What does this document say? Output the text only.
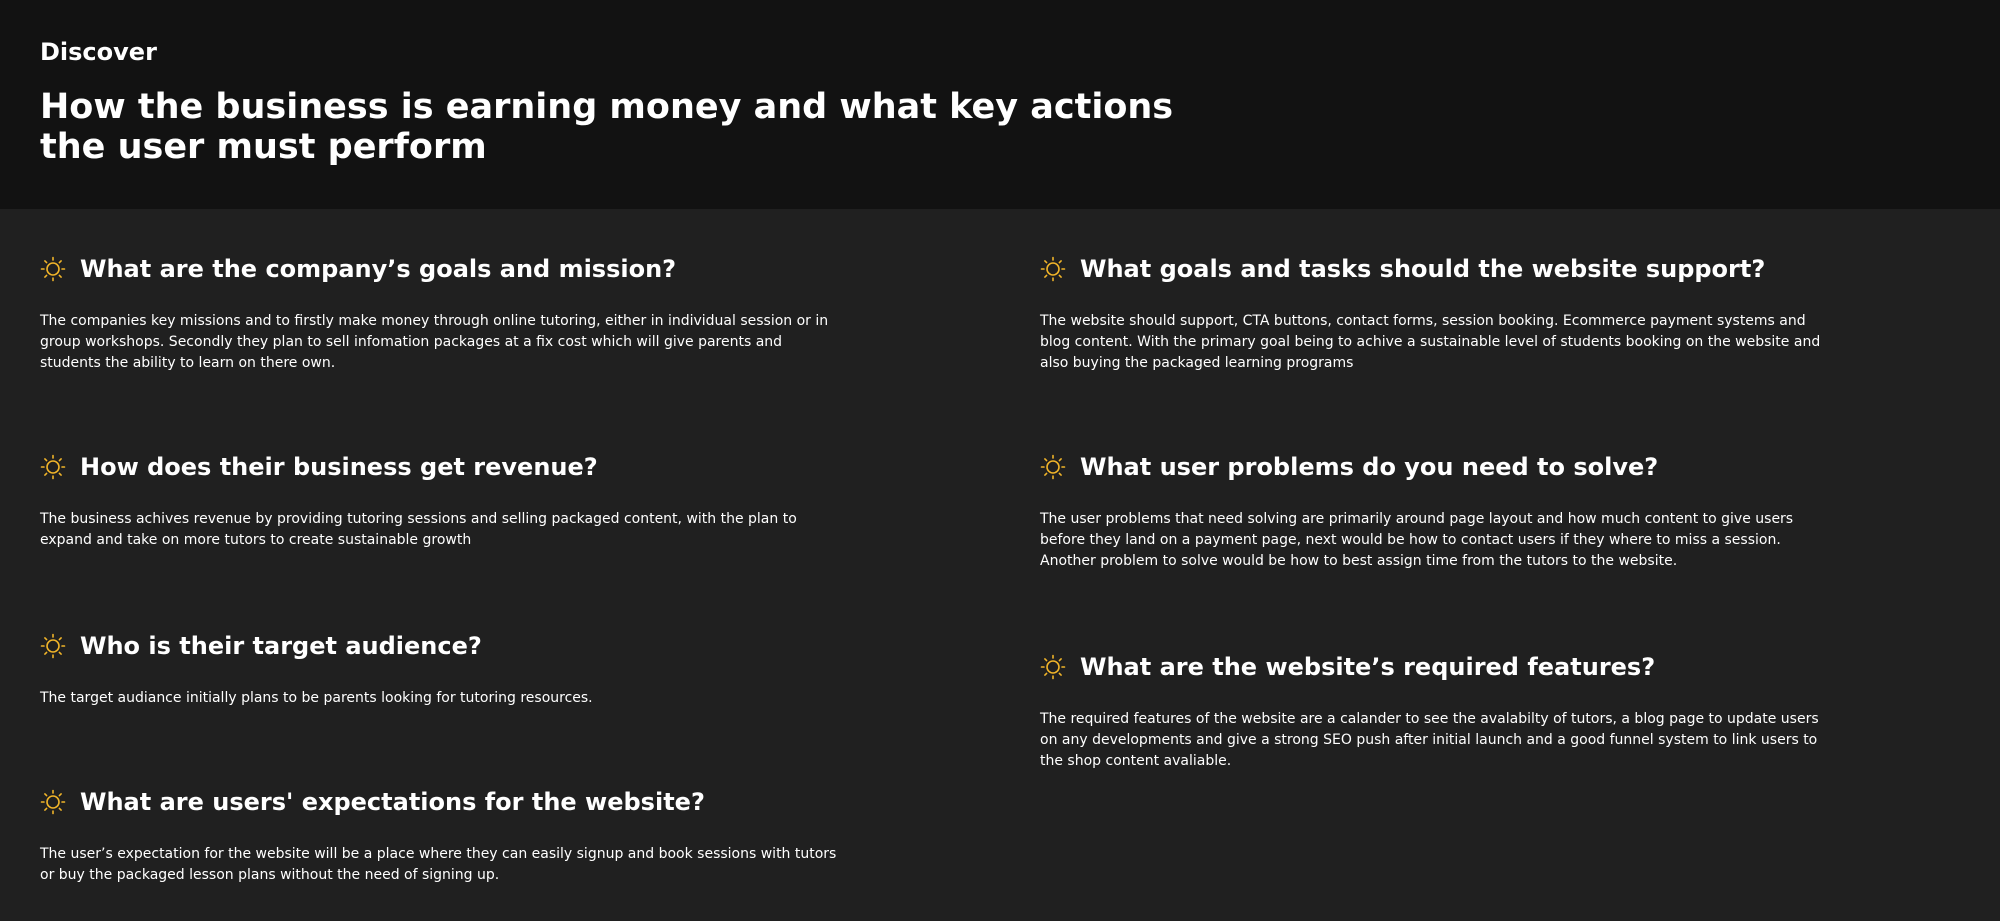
Discover

How the business is earning money and what key actions the user must perform
What are the company’s goals and mission?
The companies key missions and to firstly make money through online tutoring, either in individual session or in group workshops. Secondly they plan to sell infomation packages at a fix cost which will give parents and students the ability to learn on there own.
How does their business get revenue?
The business achives revenue by providing tutoring sessions and selling packaged content, with the plan to expand and take on more tutors to create sustainable growth
Who is their target audience?
The target audiance initially plans to be parents looking for tutoring resources.
What are users' expectations for the website?
The user’s expectation for the website will be a place where they can easily signup and book sessions with tutors or buy the packaged lesson plans without the need of signing up.
What goals and tasks should the website support?
The website should support, CTA buttons, contact forms, session booking. Ecommerce payment systems and blog content. With the primary goal being to achive a sustainable level of students booking on the website and also buying the packaged learning programs
What user problems do you need to solve?
The user problems that need solving are primarily around page layout and how much content to give users before they land on a payment page, next would be how to contact users if they where to miss a session. Another problem to solve would be how to best assign time from the tutors to the website.
What are the website’s required features?
The required features of the website are a calander to see the avalabilty of tutors, a blog page to update users on any developments and give a strong SEO push after initial launch and a good funnel system to link users to the shop content avaliable.
